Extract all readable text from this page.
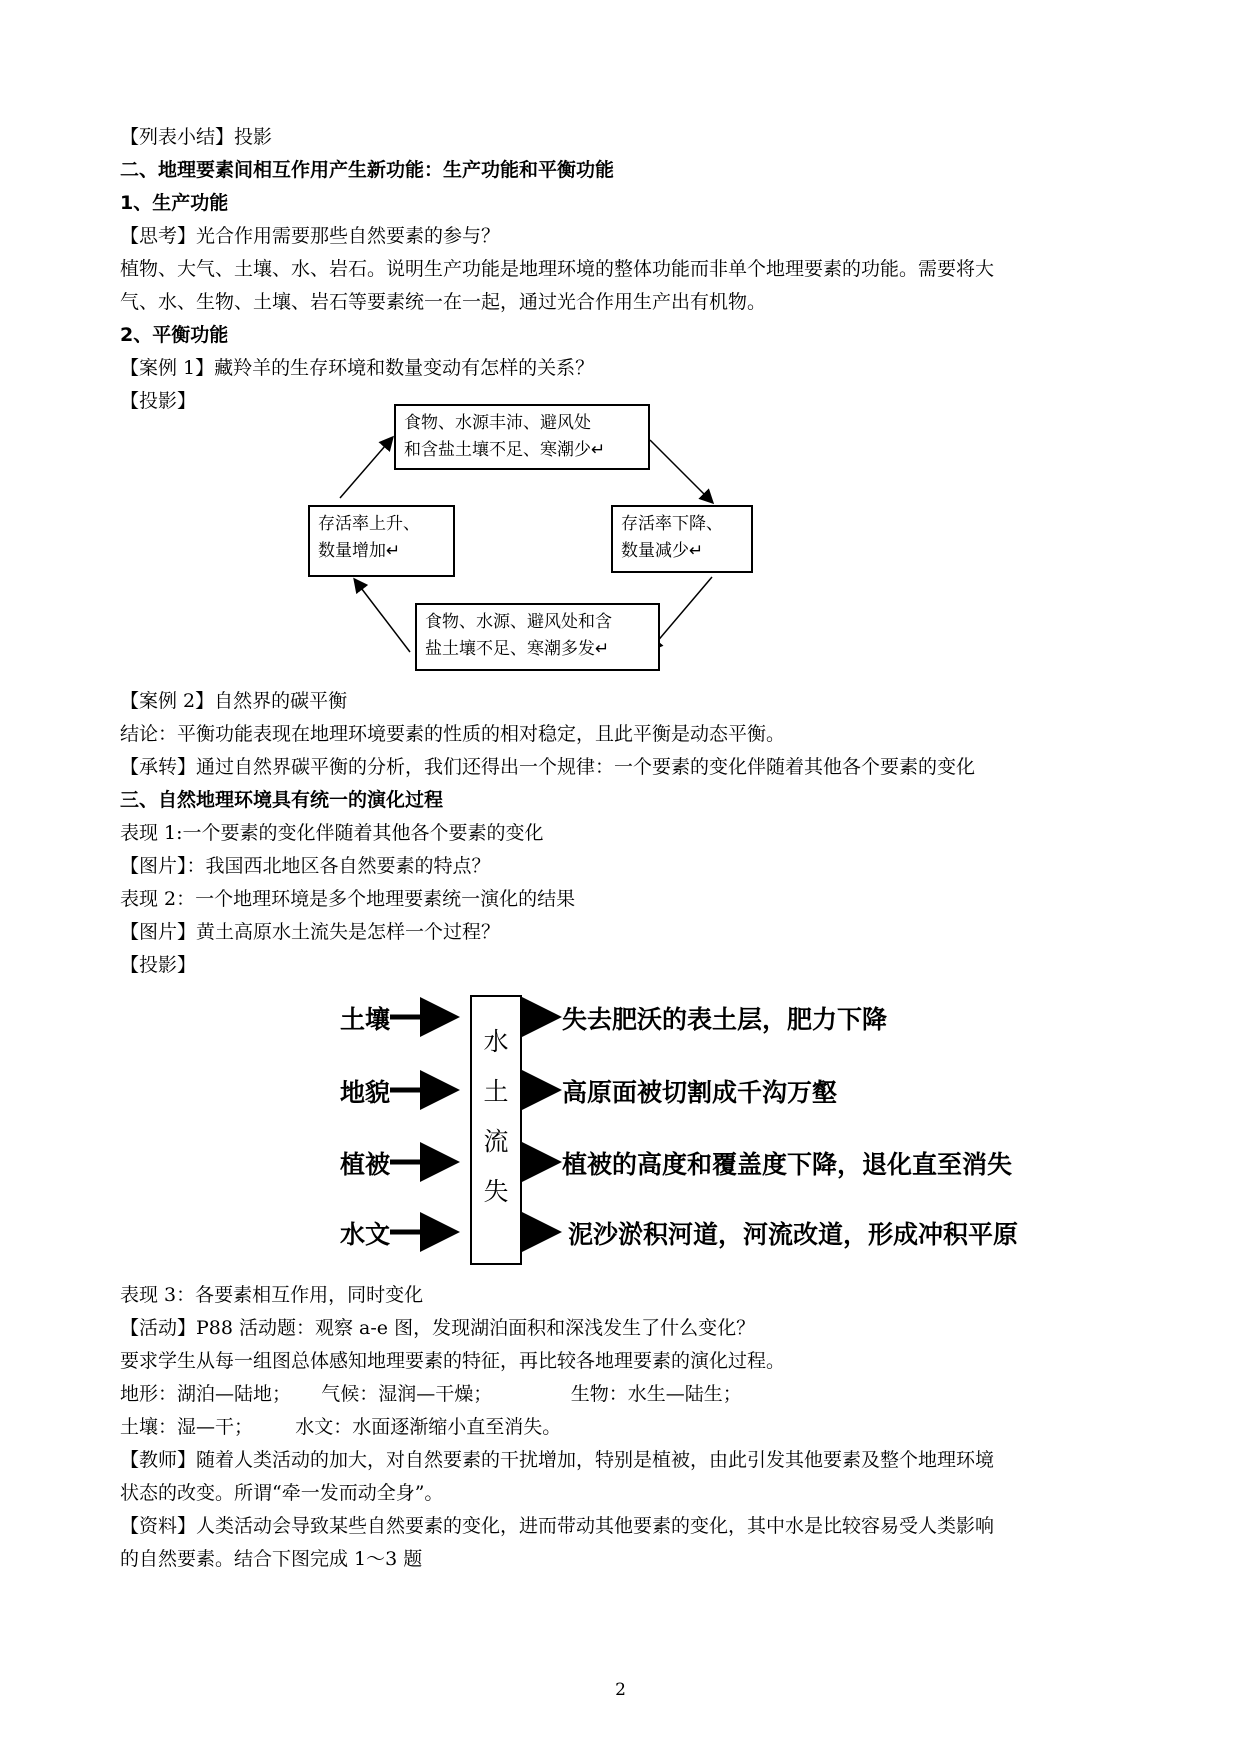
【列表小结】投影
二、地理要素间相互作用产生新功能：生产功能和平衡功能
1、生产功能
【思考】光合作用需要那些自然要素的参与？
植物、大气、土壤、水、岩石。说明生产功能是地理环境的整体功能而非单个地理要素的功能。需要将大
气、水、生物、土壤、岩石等要素统一在一起，通过光合作用生产出有机物。
2、平衡功能
【案例 1】藏羚羊的生存环境和数量变动有怎样的关系？
【投影】
食物、水源丰沛、避风处
和含盐土壤不足、寒潮少↵
存活率下降、
数量减少↵
食物、水源、避风处和含
盐土壤不足、寒潮多发↵
存活率上升、
数量增加↵
【案例 2】自然界的碳平衡
结论：平衡功能表现在地理环境要素的性质的相对稳定，且此平衡是动态平衡。
【承转】通过自然界碳平衡的分析，我们还得出一个规律：一个要素的变化伴随着其他各个要素的变化
三、自然地理环境具有统一的演化过程
表现 1:一个要素的变化伴随着其他各个要素的变化
【图片】：我国西北地区各自然要素的特点？
表现 2：一个地理环境是多个地理要素统一演化的结果
【图片】黄土高原水土流失是怎样一个过程？
【投影】
土壤
地貌
植被
水文
水
土
流
失
失去肥沃的表土层，肥力下降
高原面被切割成千沟万壑
植被的高度和覆盖度下降，退化直至消失
泥沙淤积河道，河流改道，形成冲积平原
表现 3：各要素相互作用，同时变化
【活动】P88 活动题：观察 a-e 图，发现湖泊面积和深浅发生了什么变化？
要求学生从每一组图总体感知地理要素的特征，再比较各地理要素的演化过程。
地形：湖泊—陆地；     气候：湿润—干燥；             生物：水生—陆生；
土壤：湿—干；       水文：水面逐渐缩小直至消失。
【教师】随着人类活动的加大，对自然要素的干扰增加，特别是植被，由此引发其他要素及整个地理环境
状态的改变。所谓“牵一发而动全身”。
【资料】人类活动会导致某些自然要素的变化，进而带动其他要素的变化，其中水是比较容易受人类影响
的自然要素。结合下图完成 1～3 题
2
